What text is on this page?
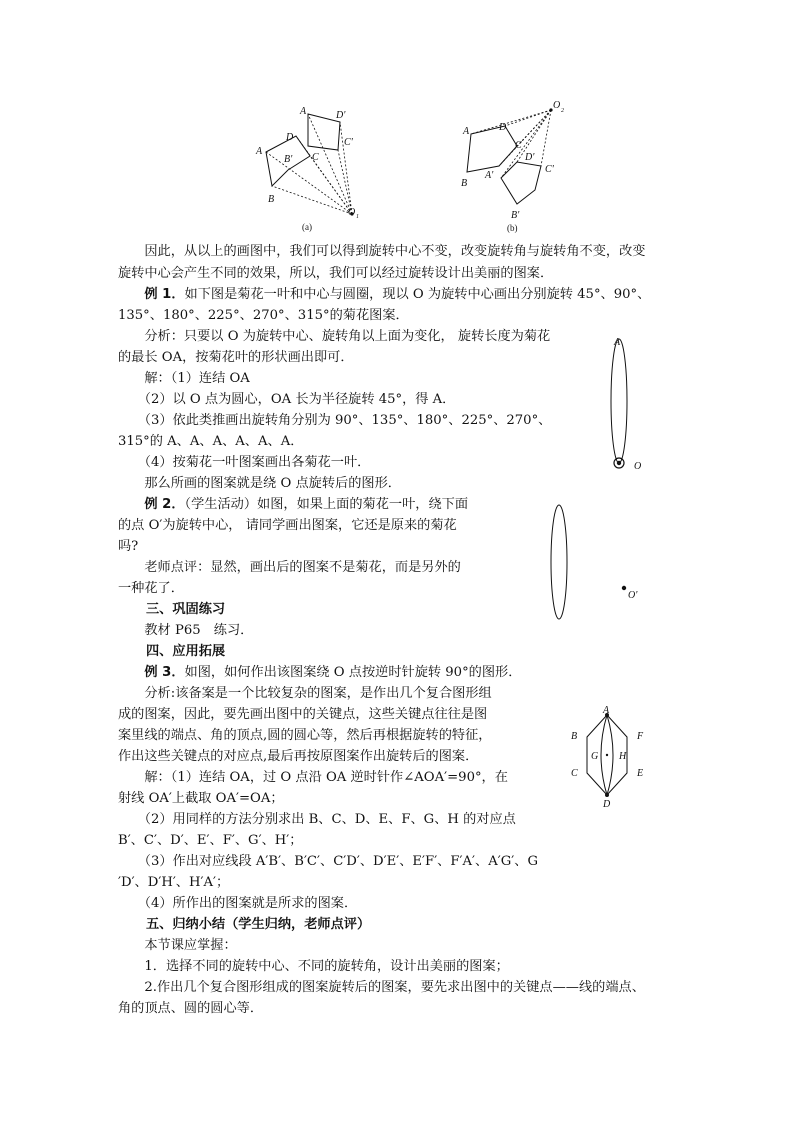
A	D'
D	C'
A
B' C
B
O 1
(a)
O 2
A	D
C
D'
A'
C'
B
B'
(b)
A
O
O'
A
B	F
G H
C	E
D
　　因此，从以上的画图中，我们可以得到旋转中心不变，改变旋转角与旋转角不变，改变
旋转中心会产生不同的效果，所以，我们可以经过旋转设计出美丽的图案．
　　例 1．如下图是菊花一叶和中心与圆圈，现以 O 为旋转中心画出分别旋转 45°、90°、
135°、180°、225°、270°、315°的菊花图案．
　　分析：只要以 O 为旋转中心、旋转角以上面为变化， 旋转长度为菊花
的最长 OA，按菊花叶的形状画出即可．
　　解：（1）连结 OA
　　（2）以 O 点为圆心，OA 长为半径旋转 45°，得 A．
　　（3）依此类推画出旋转角分别为 90°、135°、180°、225°、270°、
315°的 A、A、A、A、A、A．
　　（4）按菊花一叶图案画出各菊花一叶．
　　那么所画的图案就是绕 O 点旋转后的图形．
　　例 2．（学生活动）如图，如果上面的菊花一叶，绕下面
的点 O′为旋转中心， 请同学画出图案，它还是原来的菊花
吗?
　　老师点评：显然，画出后的图案不是菊花，而是另外的
一种花了．
三、巩固练习
　　教材 P65　练习．
四、应用拓展
　　例 3．如图，如何作出该图案绕 O 点按逆时针旋转 90°的图形．
　　分析:该备案是一个比较复杂的图案，是作出几个复合图形组
成的图案，因此，要先画出图中的关键点，这些关键点往往是图
案里线的端点、角的顶点,圆的圆心等，然后再根据旋转的特征，
作出这些关键点的对应点,最后再按原图案作出旋转后的图案．
　　解：（1）连结 OA，过 O 点沿 OA 逆时针作∠AOA′=90°，在
射线 OA′上截取 OA′=OA；
　　（2）用同样的方法分别求出 B、C、D、E、F、G、H 的对应点
B′、C′、D′、E′、F′、G′、H′；
　　（3）作出对应线段 A′B′、B′C′、C′D′、D′E′、E′F′、F′A′、A′G′、G
′D′、D′H′、H′A′；
　　（4）所作出的图案就是所求的图案．
五、归纳小结（学生归纳，老师点评）
　　本节课应掌握：
　　1．选择不同的旋转中心、不同的旋转角，设计出美丽的图案；
　　2.作出几个复合图形组成的图案旋转后的图案，要先求出图中的关键点——线的端点、
角的顶点、圆的圆心等．
